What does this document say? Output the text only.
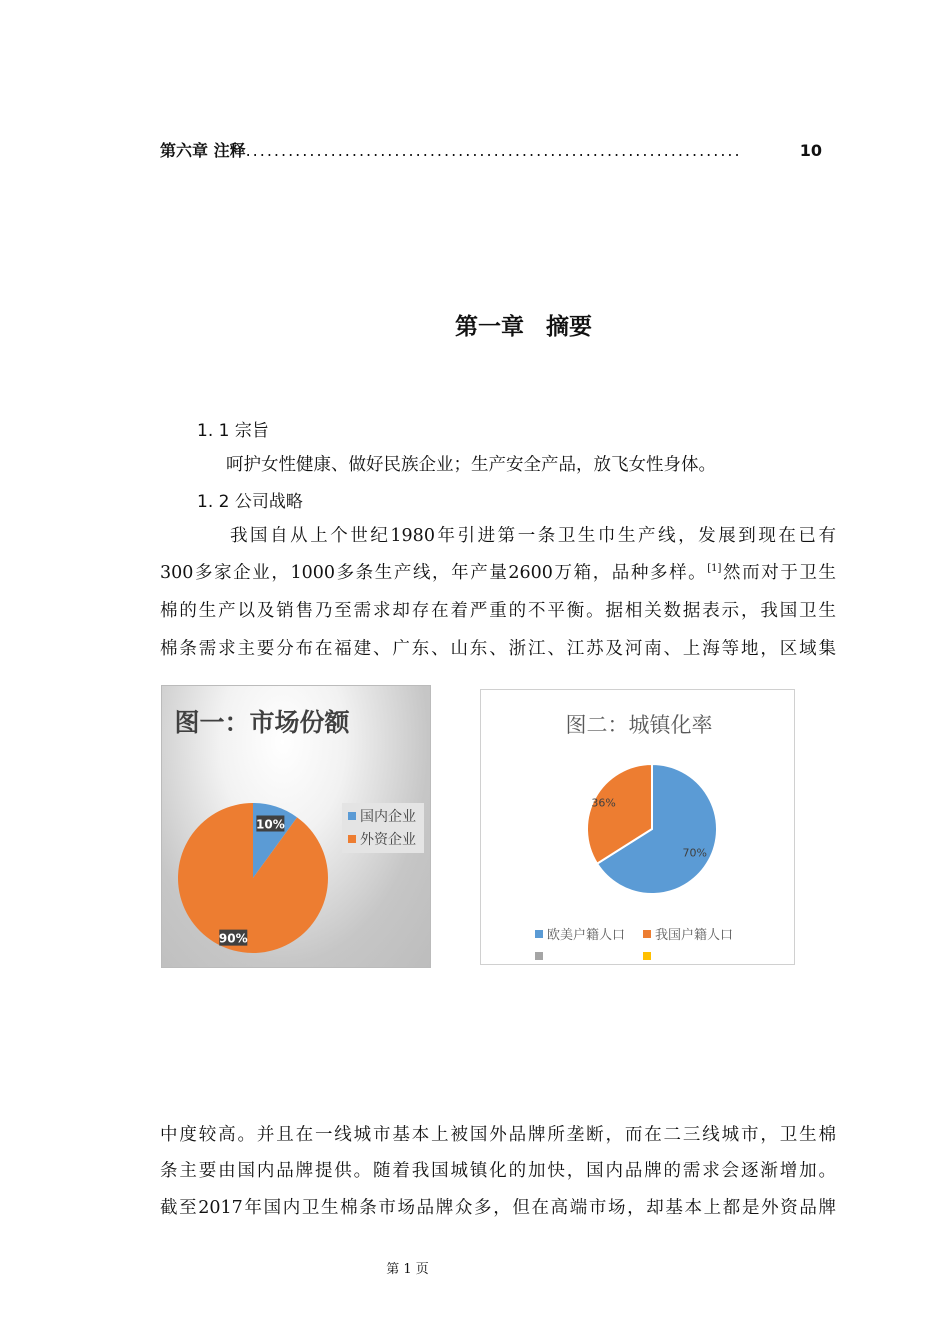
第六章 注释 ......................................................................	10
第一章 摘要
1. 1 宗旨
呵护女性健康、做好民族企业；生产安全产品，放飞女性身体。
1. 2 公司战略
我国自从上个世纪1980年引进第一条卫生巾生产线，发展到现在已有
300多家企业，1000多条生产线，年产量2600万箱，品种多样。[1]然而对于卫生
棉的生产以及销售乃至需求却存在着严重的不平衡。据相关数据表示，我国卫生
棉条需求主要分布在福建、广东、山东、浙江、江苏及河南、上海等地，区域集
图一：市场份额
10%
90%
国内企业
外资企业
图二：城镇化率
70%
36%
欧美户籍人口 我国户籍人口
中度较高。并且在一线城市基本上被国外品牌所垄断，而在二三线城市，卫生棉
条主要由国内品牌提供。随着我国城镇化的加快，国内品牌的需求会逐渐增加。
截至2017年国内卫生棉条市场品牌众多，但在高端市场，却基本上都是外资品牌
第 1 页
